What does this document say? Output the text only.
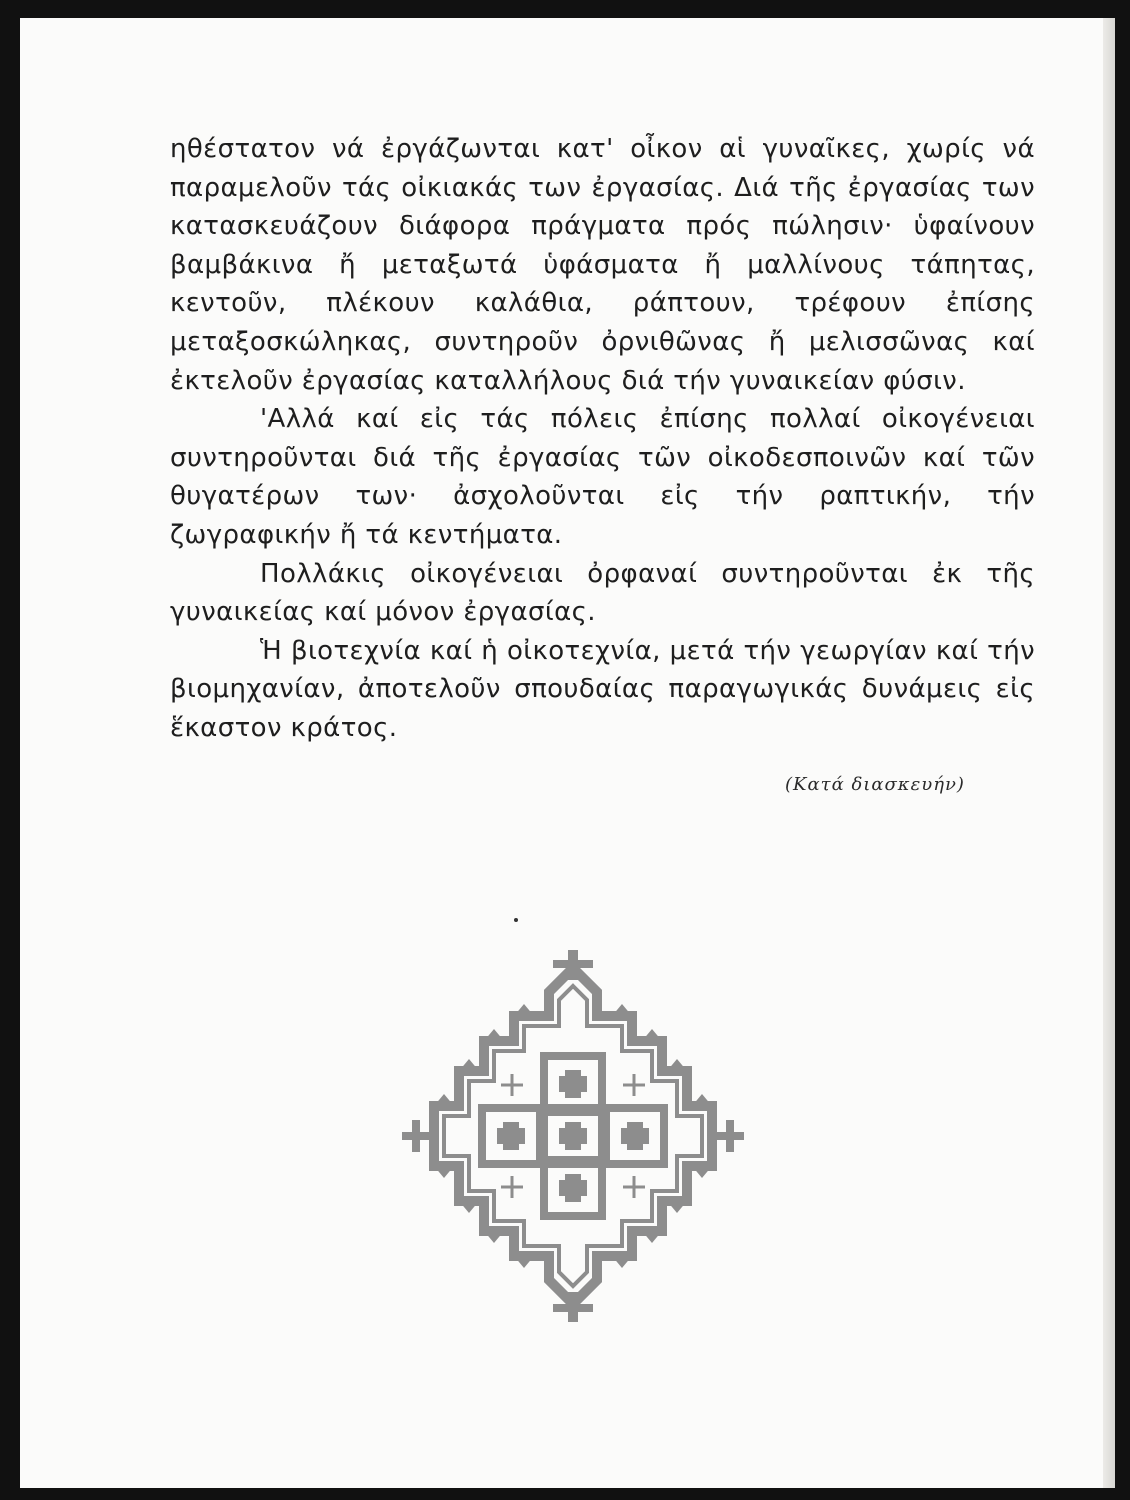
ηθέστατον νά ἐργάζωνται κατ' οἶκον αἱ γυναῖκες, χωρίς νά παραμελοῦν τάς οἰκιακάς των ἐργασίας. Διά τῆς ἐργασίας των κατασκευάζουν διάφορα πράγματα πρός πώλησιν· ὑφαίνουν βαμβάκινα ἤ μεταξωτά ὑφάσματα ἤ μαλλίνους τάπητας, κεντοῦν, πλέκουν καλάθια, ράπτουν, τρέφουν ἐπίσης μεταξοσκώληκας, συντηροῦν ὀρνιθῶνας ἤ μελισσῶνας καί ἐκτελοῦν ἐργασίας καταλλήλους διά τήν γυναικείαν φύσιν.

'Αλλά καί εἰς τάς πόλεις ἐπίσης πολλαί οἰκογένειαι συντηροῦνται διά τῆς ἐργασίας τῶν οἰκοδεσποινῶν καί τῶν θυγατέρων των· ἀσχολοῦνται εἰς τήν ραπτικήν, τήν ζωγραφικήν ἤ τά κεντήματα.

Πολλάκις οἰκογένειαι ὀρφαναί συντηροῦνται ἐκ τῆς γυναικείας καί μόνον ἐργασίας.

Ἡ βιοτεχνία καί ἡ οἰκοτεχνία, μετά τήν γεωργίαν καί τήν βιομηχανίαν, ἀποτελοῦν σπουδαίας παραγωγικάς δυνάμεις εἰς ἕκαστον κράτος.

(Κατά διασκευήν)
